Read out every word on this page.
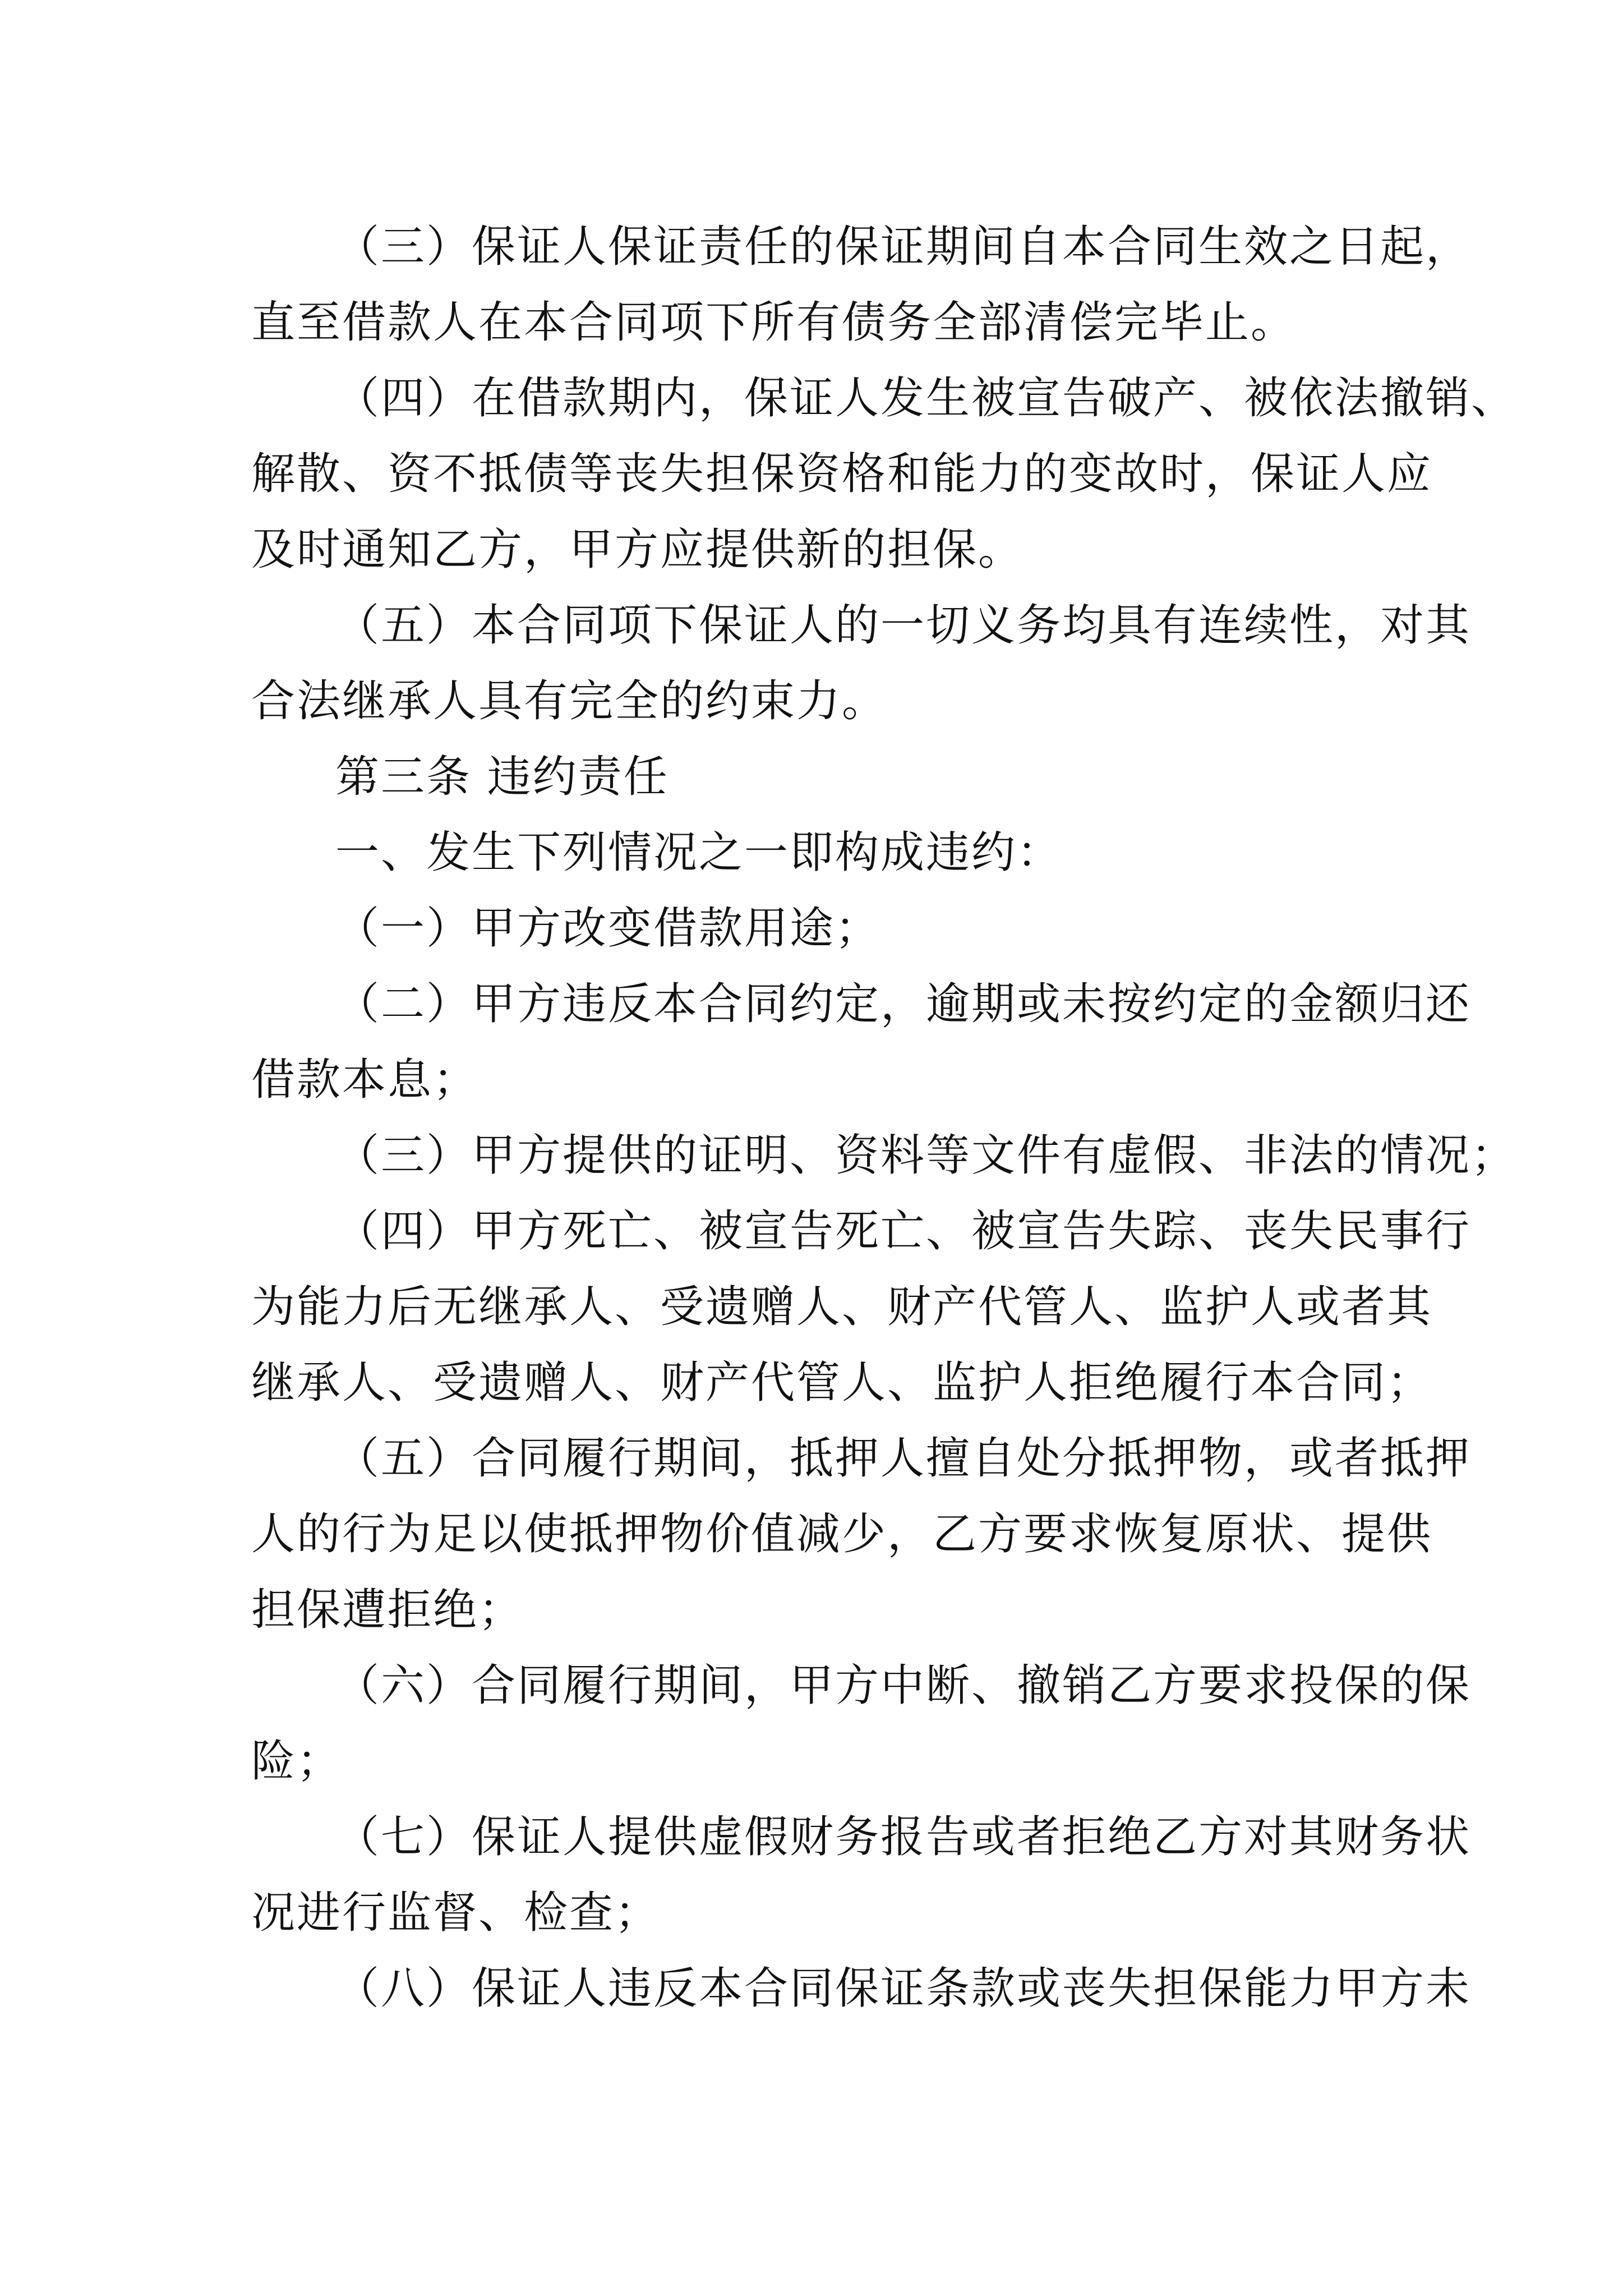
（三）保证人保证责任的保证期间自本合同生效之日起，
直至借款人在本合同项下所有债务全部清偿完毕止。
（四）在借款期内，保证人发生被宣告破产、被依法撤销、
解散、资不抵债等丧失担保资格和能力的变故时，保证人应
及时通知乙方，甲方应提供新的担保。
（五）本合同项下保证人的一切义务均具有连续性，对其
合法继承人具有完全的约束力。
第三条 违约责任
一、发生下列情况之一即构成违约：
（一）甲方改变借款用途；
（二）甲方违反本合同约定，逾期或未按约定的金额归还
借款本息；
（三）甲方提供的证明、资料等文件有虚假、非法的情况；
（四）甲方死亡、被宣告死亡、被宣告失踪、丧失民事行
为能力后无继承人、受遗赠人、财产代管人、监护人或者其
继承人、受遗赠人、财产代管人、监护人拒绝履行本合同；
（五）合同履行期间，抵押人擅自处分抵押物，或者抵押
人的行为足以使抵押物价值减少，乙方要求恢复原状、提供
担保遭拒绝；
（六）合同履行期间，甲方中断、撤销乙方要求投保的保
险；
（七）保证人提供虚假财务报告或者拒绝乙方对其财务状
况进行监督、检查；
（八）保证人违反本合同保证条款或丧失担保能力甲方未
